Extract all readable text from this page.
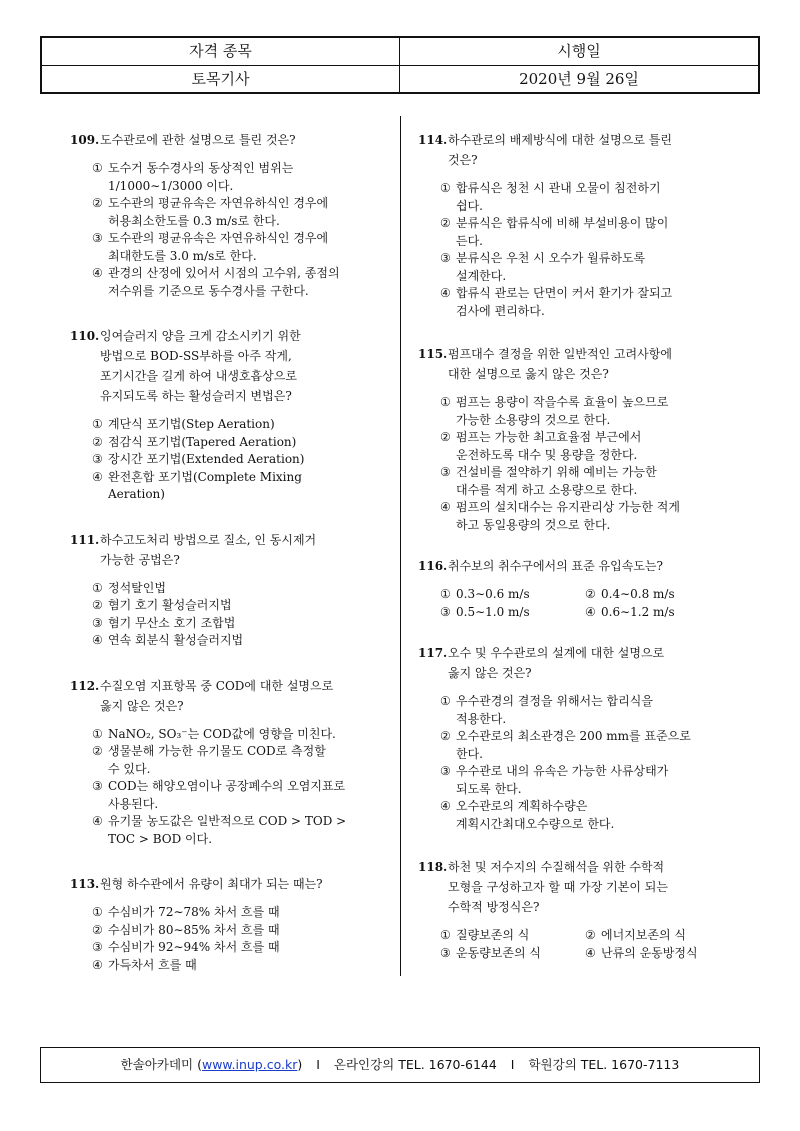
자격 종목	시행일
토목기사	2020년 9월 26일
109. 도수관로에 관한 설명으로 틀린 것은?
① 도수거 동수경사의 동상적인 범위는
1/1000∼1/3000 이다.
② 도수관의 평균유속은 자연유하식인 경우에
허용최소한도를 0.3 m/s로 한다.
③ 도수관의 평균유속은 자연유하식인 경우에
최대한도를 3.0 m/s로 한다.
④ 관경의 산정에 있어서 시점의 고수위, 종점의
저수위를 기준으로 동수경사를 구한다.
110. 잉여슬러지 양을 크게 감소시키기 위한
방법으로 BOD-SS부하를 아주 작게,
포기시간을 길게 하여 내생호흡상으로
유지되도록 하는 활성슬러지 변법은?
① 계단식 포기법(Step Aeration)
② 점감식 포기법(Tapered Aeration)
③ 장시간 포기법(Extended Aeration)
④ 완전혼합 포기법(Complete Mixing
Aeration)
111. 하수고도처리 방법으로 질소, 인 동시제거
가능한 공법은?
① 정석탈인법
② 혐기 호기 활성슬러지법
③ 혐기 무산소 호기 조합법
④ 연속 회분식 활성슬러지법
112. 수질오염 지표항목 중 COD에 대한 설명으로
옳지 않은 것은?
① NaNO₂, SO₃⁻는 COD값에 영향을 미친다.
② 생물분해 가능한 유기물도 COD로 측정할
수 있다.
③ COD는 해양오염이나 공장폐수의 오염지표로
사용된다.
④ 유기물 농도값은 일반적으로 COD > TOD >
TOC > BOD 이다.
113. 원형 하수관에서 유량이 최대가 되는 때는?
① 수심비가 72∼78% 차서 흐를 때
② 수심비가 80∼85% 차서 흐를 때
③ 수심비가 92∼94% 차서 흐를 때
④ 가득차서 흐를 때
114. 하수관로의 배제방식에 대한 설명으로 틀린
것은?
① 합류식은 청천 시 관내 오물이 침전하기
쉽다.
② 분류식은 합류식에 비해 부설비용이 많이
든다.
③ 분류식은 우천 시 오수가 월류하도록
설계한다.
④ 합류식 관로는 단면이 커서 환기가 잘되고
검사에 편리하다.
115. 펌프대수 결정을 위한 일반적인 고려사항에
대한 설명으로 옳지 않은 것은?
① 펌프는 용량이 작을수록 효율이 높으므로
가능한 소용량의 것으로 한다.
② 펌프는 가능한 최고효율점 부근에서
운전하도록 대수 및 용량을 정한다.
③ 건설비를 절약하기 위해 예비는 가능한
대수를 적게 하고 소용량으로 한다.
④ 펌프의 설치대수는 유지관리상 가능한 적게
하고 동일용량의 것으로 한다.
116. 취수보의 취수구에서의 표준 유입속도는?
① 0.3∼0.6 m/s	② 0.4∼0.8 m/s
③ 0.5∼1.0 m/s	④ 0.6∼1.2 m/s
117. 오수 및 우수관로의 설계에 대한 설명으로
옳지 않은 것은?
① 우수관경의 결정을 위해서는 합리식을
적용한다.
② 오수관로의 최소관경은 200 mm를 표준으로
한다.
③ 우수관로 내의 유속은 가능한 사류상태가
되도록 한다.
④ 오수관로의 계획하수량은
계획시간최대오수량으로 한다.
118. 하천 및 저수지의 수질해석을 위한 수학적
모형을 구성하고자 할 때 가장 기본이 되는
수학적 방정식은?
① 질량보존의 식	② 에너지보존의 식
③ 운동량보존의 식	④ 난류의 운동방정식
한솔아카데미 (www.inup.co.kr) I 온라인강의 TEL. 1670-6144 I 학원강의 TEL. 1670-7113
